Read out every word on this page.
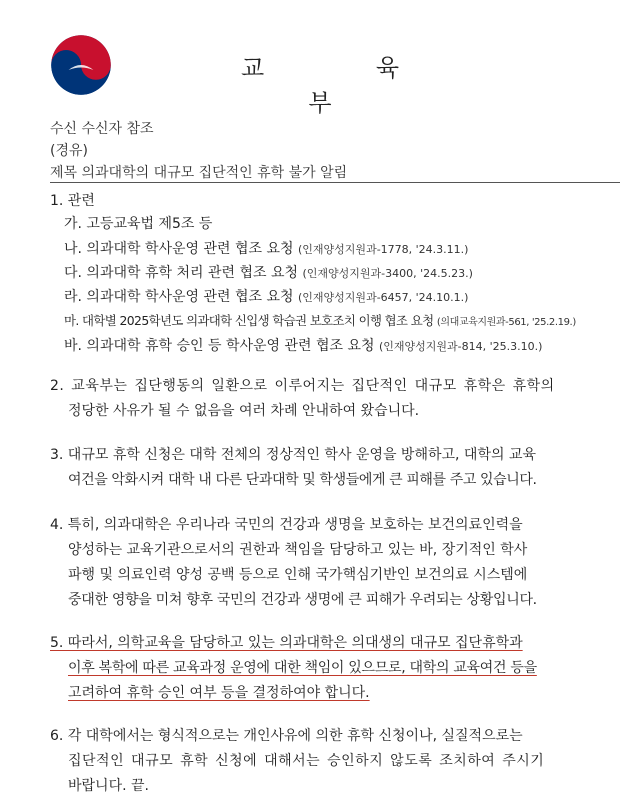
교 육 부
수신 수신자 참조
(경유)
제목 의과대학의 대규모 집단적인 휴학 불가 알림
1. 관련
가. 고등교육법 제5조 등
나. 의과대학 학사운영 관련 협조 요청 (인재양성지원과-1778, '24.3.11.)
다. 의과대학 휴학 처리 관련 협조 요청 (인재양성지원과-3400, '24.5.23.)
라. 의과대학 학사운영 관련 협조 요청 (인재양성지원과-6457, '24.10.1.)
마. 대학별 2025학년도 의과대학 신입생 학습권 보호조치 이행 협조 요청 (의대교육지원과-561, '25.2.19.)
바. 의과대학 휴학 승인 등 학사운영 관련 협조 요청 (인재양성지원과-814, '25.3.10.)
2. 교육부는 집단행동의 일환으로 이루어지는 집단적인 대규모 휴학은 휴학의
정당한 사유가 될 수 없음을 여러 차례 안내하여 왔습니다.
3. 대규모 휴학 신청은 대학 전체의 정상적인 학사 운영을 방해하고, 대학의 교육
여건을 악화시켜 대학 내 다른 단과대학 및 학생들에게 큰 피해를 주고 있습니다.
4. 특히, 의과대학은 우리나라 국민의 건강과 생명을 보호하는 보건의료인력을
양성하는 교육기관으로서의 권한과 책임을 담당하고 있는 바, 장기적인 학사
파행 및 의료인력 양성 공백 등으로 인해 국가핵심기반인 보건의료 시스템에
중대한 영향을 미쳐 향후 국민의 건강과 생명에 큰 피해가 우려되는 상황입니다.
5. 따라서, 의학교육을 담당하고 있는 의과대학은 의대생의 대규모 집단휴학과
이후 복학에 따른 교육과정 운영에 대한 책임이 있으므로, 대학의 교육여건 등을
고려하여 휴학 승인 여부 등을 결정하여야 합니다.
6. 각 대학에서는 형식적으로는 개인사유에 의한 휴학 신청이나, 실질적으로는
집단적인 대규모 휴학 신청에 대해서는 승인하지 않도록 조치하여 주시기
바랍니다. 끝.
